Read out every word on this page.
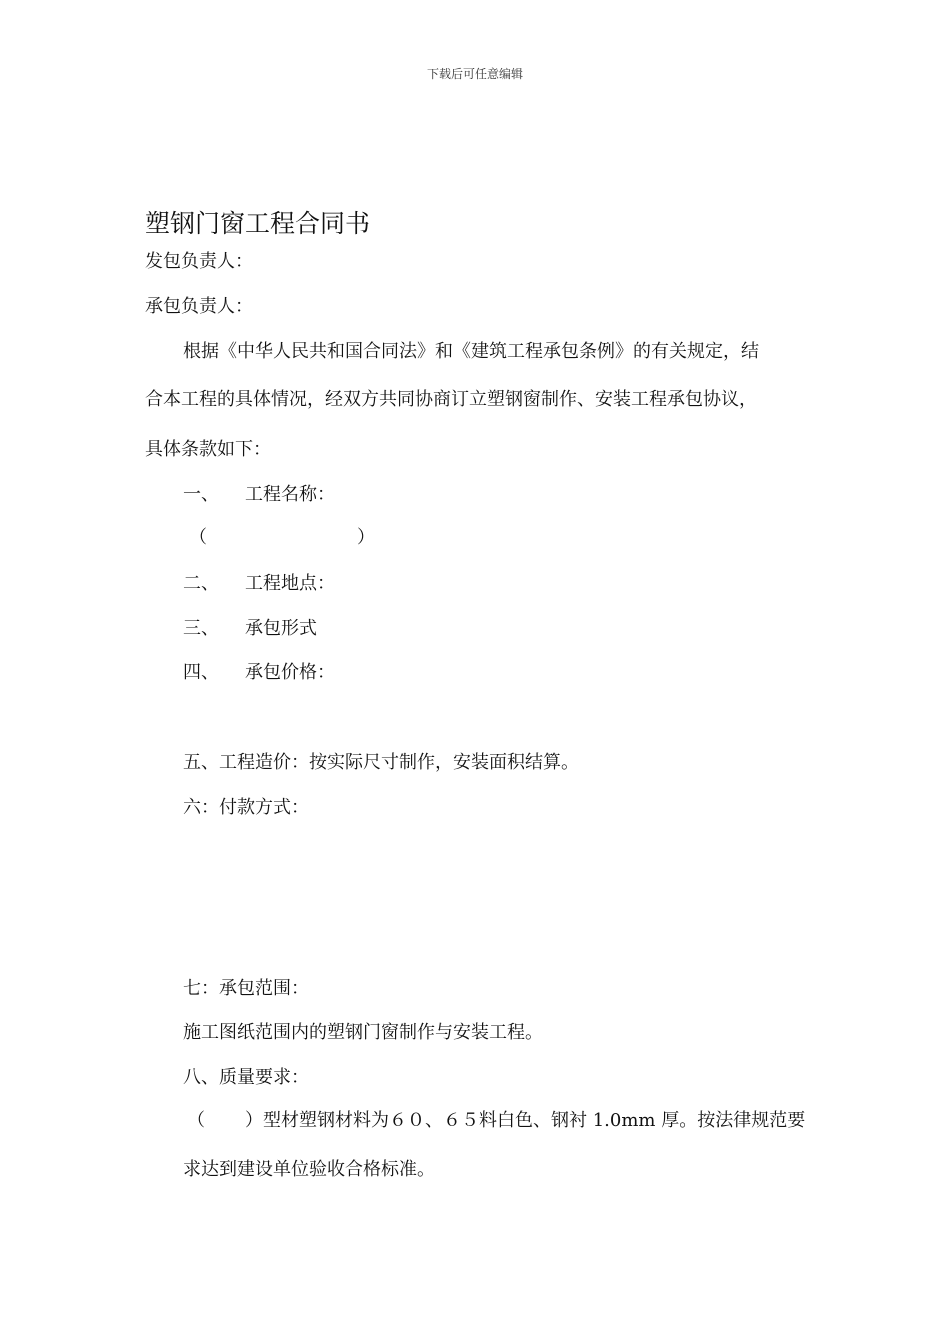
下载后可任意编辑
塑钢门窗工程合同书
发包负责人：
承包负责人：
根据《中华人民共和国合同法》和《建筑工程承包条例》的有关规定，结
合本工程的具体情况，经双方共同协商订立塑钢窗制作、安装工程承包协议，
具体条款如下：
一、 工程名称：
（	）
二、 工程地点：
三、 承包形式
四、 承包价格：
五、工程造价：按实际尺寸制作，安装面积结算。
六：付款方式：
七：承包范围：
施工图纸范围内的塑钢门窗制作与安装工程。
八、质量要求：
（ ）型材塑钢材料为６０、６５料白色、钢衬 1.0mm 厚。按法律规范要
求达到建设单位验收合格标准。
